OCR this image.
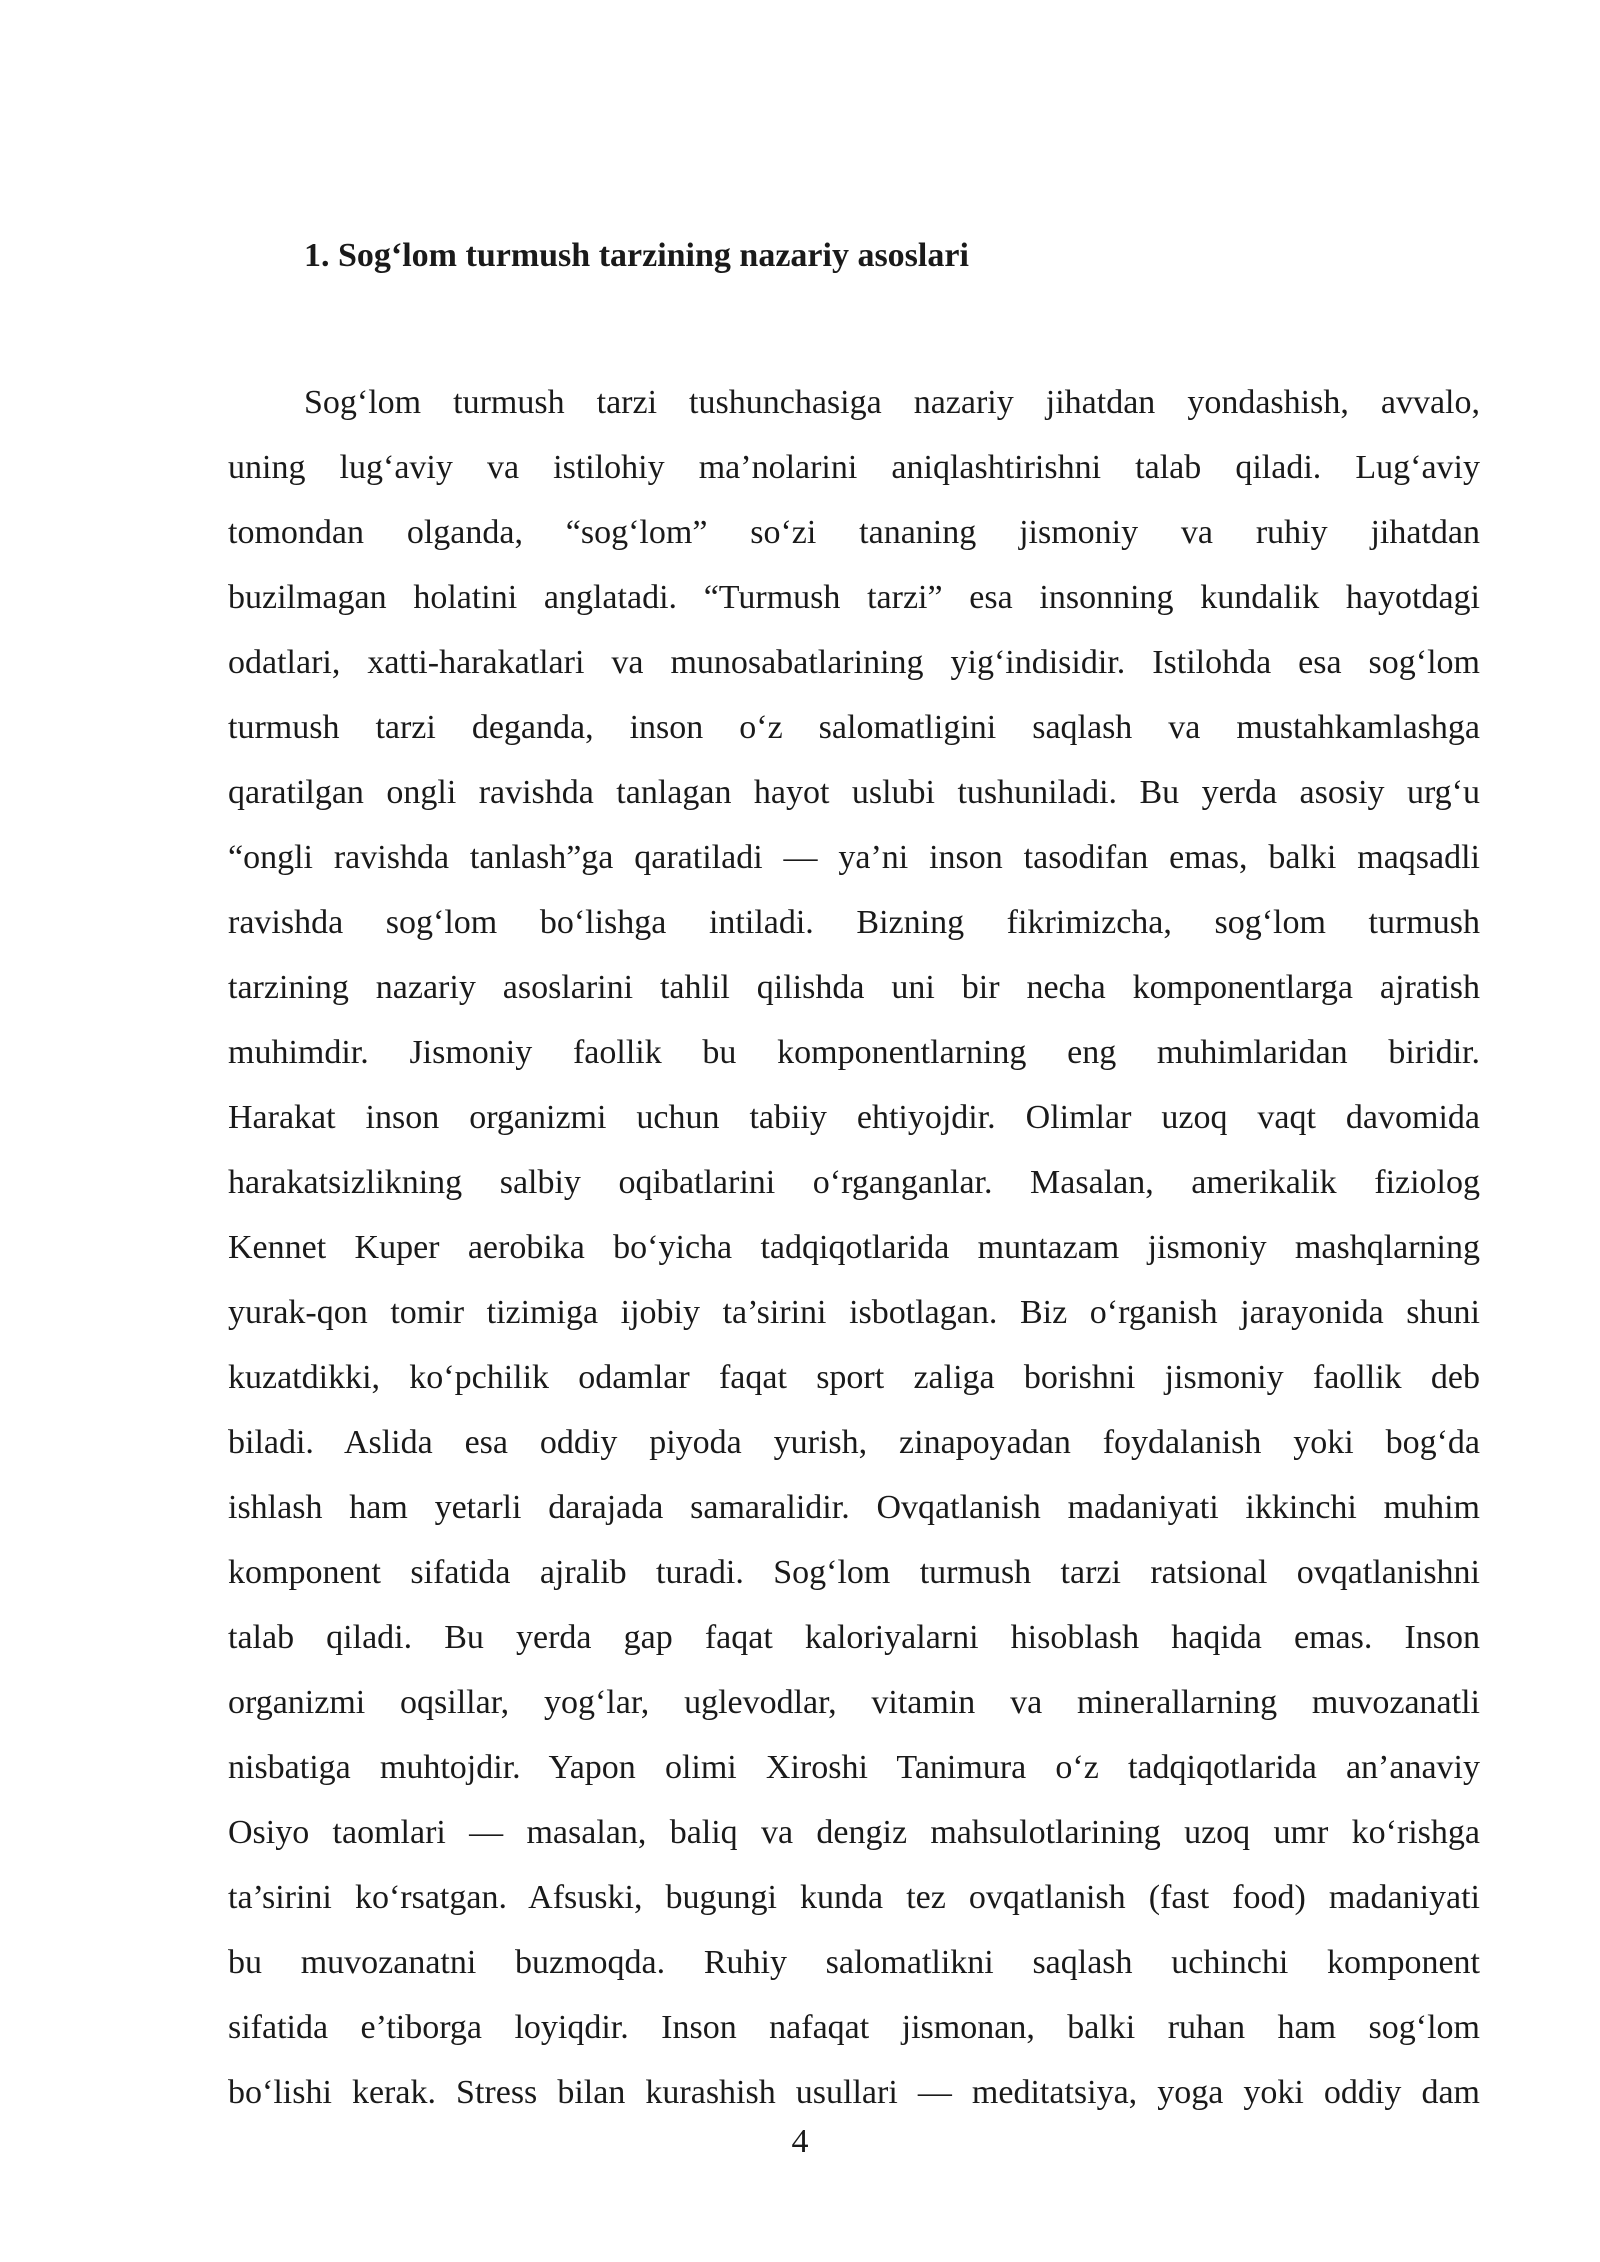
1. Sog‘lom turmush tarzining nazariy asoslari
Sog‘lom turmush tarzi tushunchasiga nazariy jihatdan yondashish, avvalo,
uning lug‘aviy va istilohiy ma’nolarini aniqlashtirishni talab qiladi. Lug‘aviy
tomondan olganda, “sog‘lom” so‘zi tananing jismoniy va ruhiy jihatdan
buzilmagan holatini anglatadi. “Turmush tarzi” esa insonning kundalik hayotdagi
odatlari, xatti-harakatlari va munosabatlarining yig‘indisidir. Istilohda esa sog‘lom
turmush tarzi deganda, inson o‘z salomatligini saqlash va mustahkamlashga
qaratilgan ongli ravishda tanlagan hayot uslubi tushuniladi. Bu yerda asosiy urg‘u
“ongli ravishda tanlash”ga qaratiladi — ya’ni inson tasodifan emas, balki maqsadli
ravishda sog‘lom bo‘lishga intiladi. Bizning fikrimizcha, sog‘lom turmush
tarzining nazariy asoslarini tahlil qilishda uni bir necha komponentlarga ajratish
muhimdir. Jismoniy faollik bu komponentlarning eng muhimlaridan biridir.
Harakat inson organizmi uchun tabiiy ehtiyojdir. Olimlar uzoq vaqt davomida
harakatsizlikning salbiy oqibatlarini o‘rganganlar. Masalan, amerikalik fiziolog
Kennet Kuper aerobika bo‘yicha tadqiqotlarida muntazam jismoniy mashqlarning
yurak-qon tomir tizimiga ijobiy ta’sirini isbotlagan. Biz o‘rganish jarayonida shuni
kuzatdikki, ko‘pchilik odamlar faqat sport zaliga borishni jismoniy faollik deb
biladi. Aslida esa oddiy piyoda yurish, zinapoyadan foydalanish yoki bog‘da
ishlash ham yetarli darajada samaralidir. Ovqatlanish madaniyati ikkinchi muhim
komponent sifatida ajralib turadi. Sog‘lom turmush tarzi ratsional ovqatlanishni
talab qiladi. Bu yerda gap faqat kaloriyalarni hisoblash haqida emas. Inson
organizmi oqsillar, yog‘lar, uglevodlar, vitamin va minerallarning muvozanatli
nisbatiga muhtojdir. Yapon olimi Xiroshi Tanimura o‘z tadqiqotlarida an’anaviy
Osiyo taomlari — masalan, baliq va dengiz mahsulotlarining uzoq umr ko‘rishga
ta’sirini ko‘rsatgan. Afsuski, bugungi kunda tez ovqatlanish (fast food) madaniyati
bu muvozanatni buzmoqda. Ruhiy salomatlikni saqlash uchinchi komponent
sifatida e’tiborga loyiqdir. Inson nafaqat jismonan, balki ruhan ham sog‘lom
bo‘lishi kerak. Stress bilan kurashish usullari — meditatsiya, yoga yoki oddiy dam
4
